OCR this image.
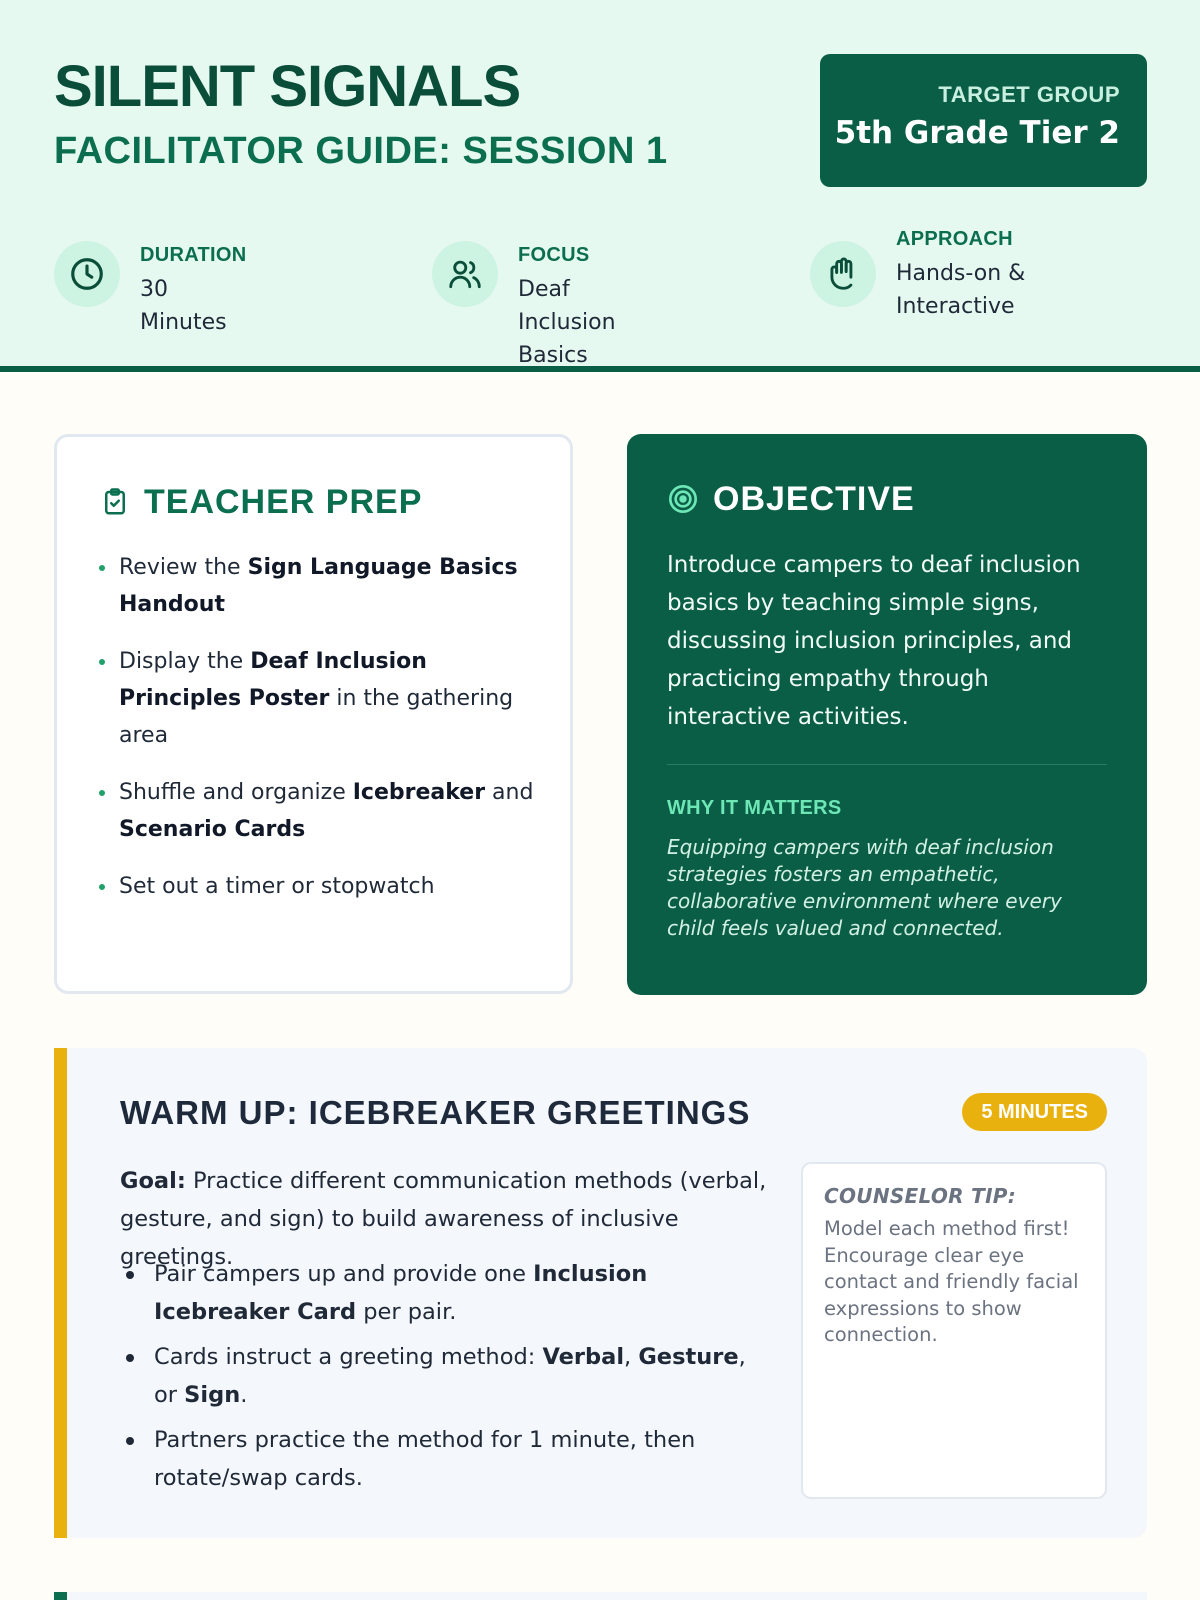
SILENT SIGNALS
FACILITATOR GUIDE: SESSION 1
TARGET GROUP
5th Grade Tier 2
DURATION
30 Minutes
FOCUS
Deaf Inclusion Basics
APPROACH
Hands-on & Interactive
TEACHER PREP
Review the Sign Language Basics Handout
Display the Deaf Inclusion Principles Poster in the gathering area
Shuffle and organize Icebreaker and Scenario Cards
Set out a timer or stopwatch
OBJECTIVE
Introduce campers to deaf inclusion basics by teaching simple signs, discussing inclusion principles, and practicing empathy through interactive activities.
WHY IT MATTERS
Equipping campers with deaf inclusion strategies fosters an empathetic, collaborative environment where every child feels valued and connected.
WARM UP: ICEBREAKER GREETINGS	5 MINUTES
Goal: Practice different communication methods (verbal, gesture, and sign) to build awareness of inclusive greetings.
Pair campers up and provide one Inclusion Icebreaker Card per pair.
Cards instruct a greeting method: Verbal, Gesture, or Sign.
Partners practice the method for 1 minute, then rotate/swap cards.
COUNSELOR TIP:
Model each method first! Encourage clear eye contact and friendly facial expressions to show connection.
